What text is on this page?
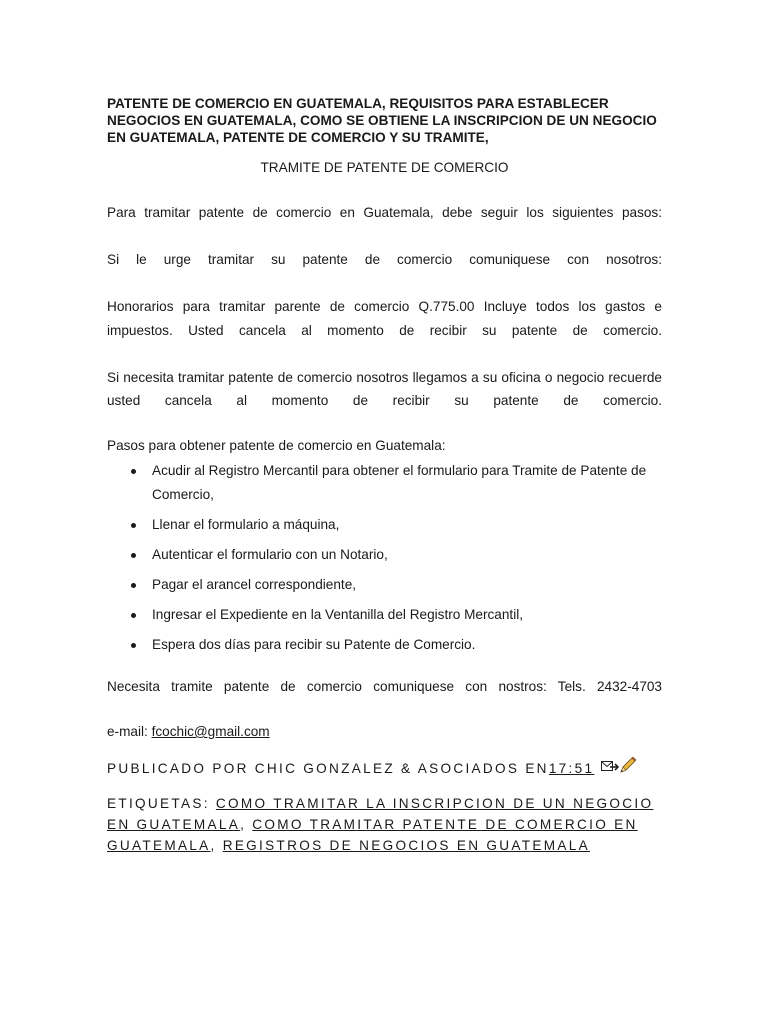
PATENTE DE COMERCIO EN GUATEMALA, REQUISITOS PARA ESTABLECER NEGOCIOS EN GUATEMALA, COMO SE OBTIENE LA INSCRIPCION DE UN NEGOCIO EN GUATEMALA, PATENTE DE COMERCIO Y SU TRAMITE,
TRAMITE DE PATENTE DE COMERCIO

Para tramitar patente de comercio en Guatemala, debe seguir los siguientes pasos:

Si le urge tramitar su patente de comercio comuniquese con nosotros:

Honorarios para tramitar parente de comercio Q.775.00 Incluye todos los gastos e impuestos. Usted cancela al momento de recibir su patente de comercio.

Si necesita tramitar patente de comercio nosotros llegamos a su oficina o negocio recuerde usted cancela al momento de recibir su patente de comercio.

Pasos para obtener patente de comercio en Guatemala:

Acudir al Registro Mercantil para obtener el formulario para Tramite de Patente de Comercio,
Llenar el formulario a máquina,
Autenticar el formulario con un Notario,
Pagar el arancel correspondiente,
Ingresar el Expediente en la Ventanilla del Registro Mercantil,
Espera dos días para recibir su Patente de Comercio.

Necesita tramite patente de comercio comuniquese con nostros: Tels. 2432-4703

e-mail: fcochic@gmail.com
PUBLICADO POR CHIC GONZALEZ & ASOCIADOS EN 17:51
ETIQUETAS: COMO TRAMITAR LA INSCRIPCION DE UN NEGOCIO EN GUATEMALA, COMO TRAMITAR PATENTE DE COMERCIO EN GUATEMALA, REGISTROS DE NEGOCIOS EN GUATEMALA
